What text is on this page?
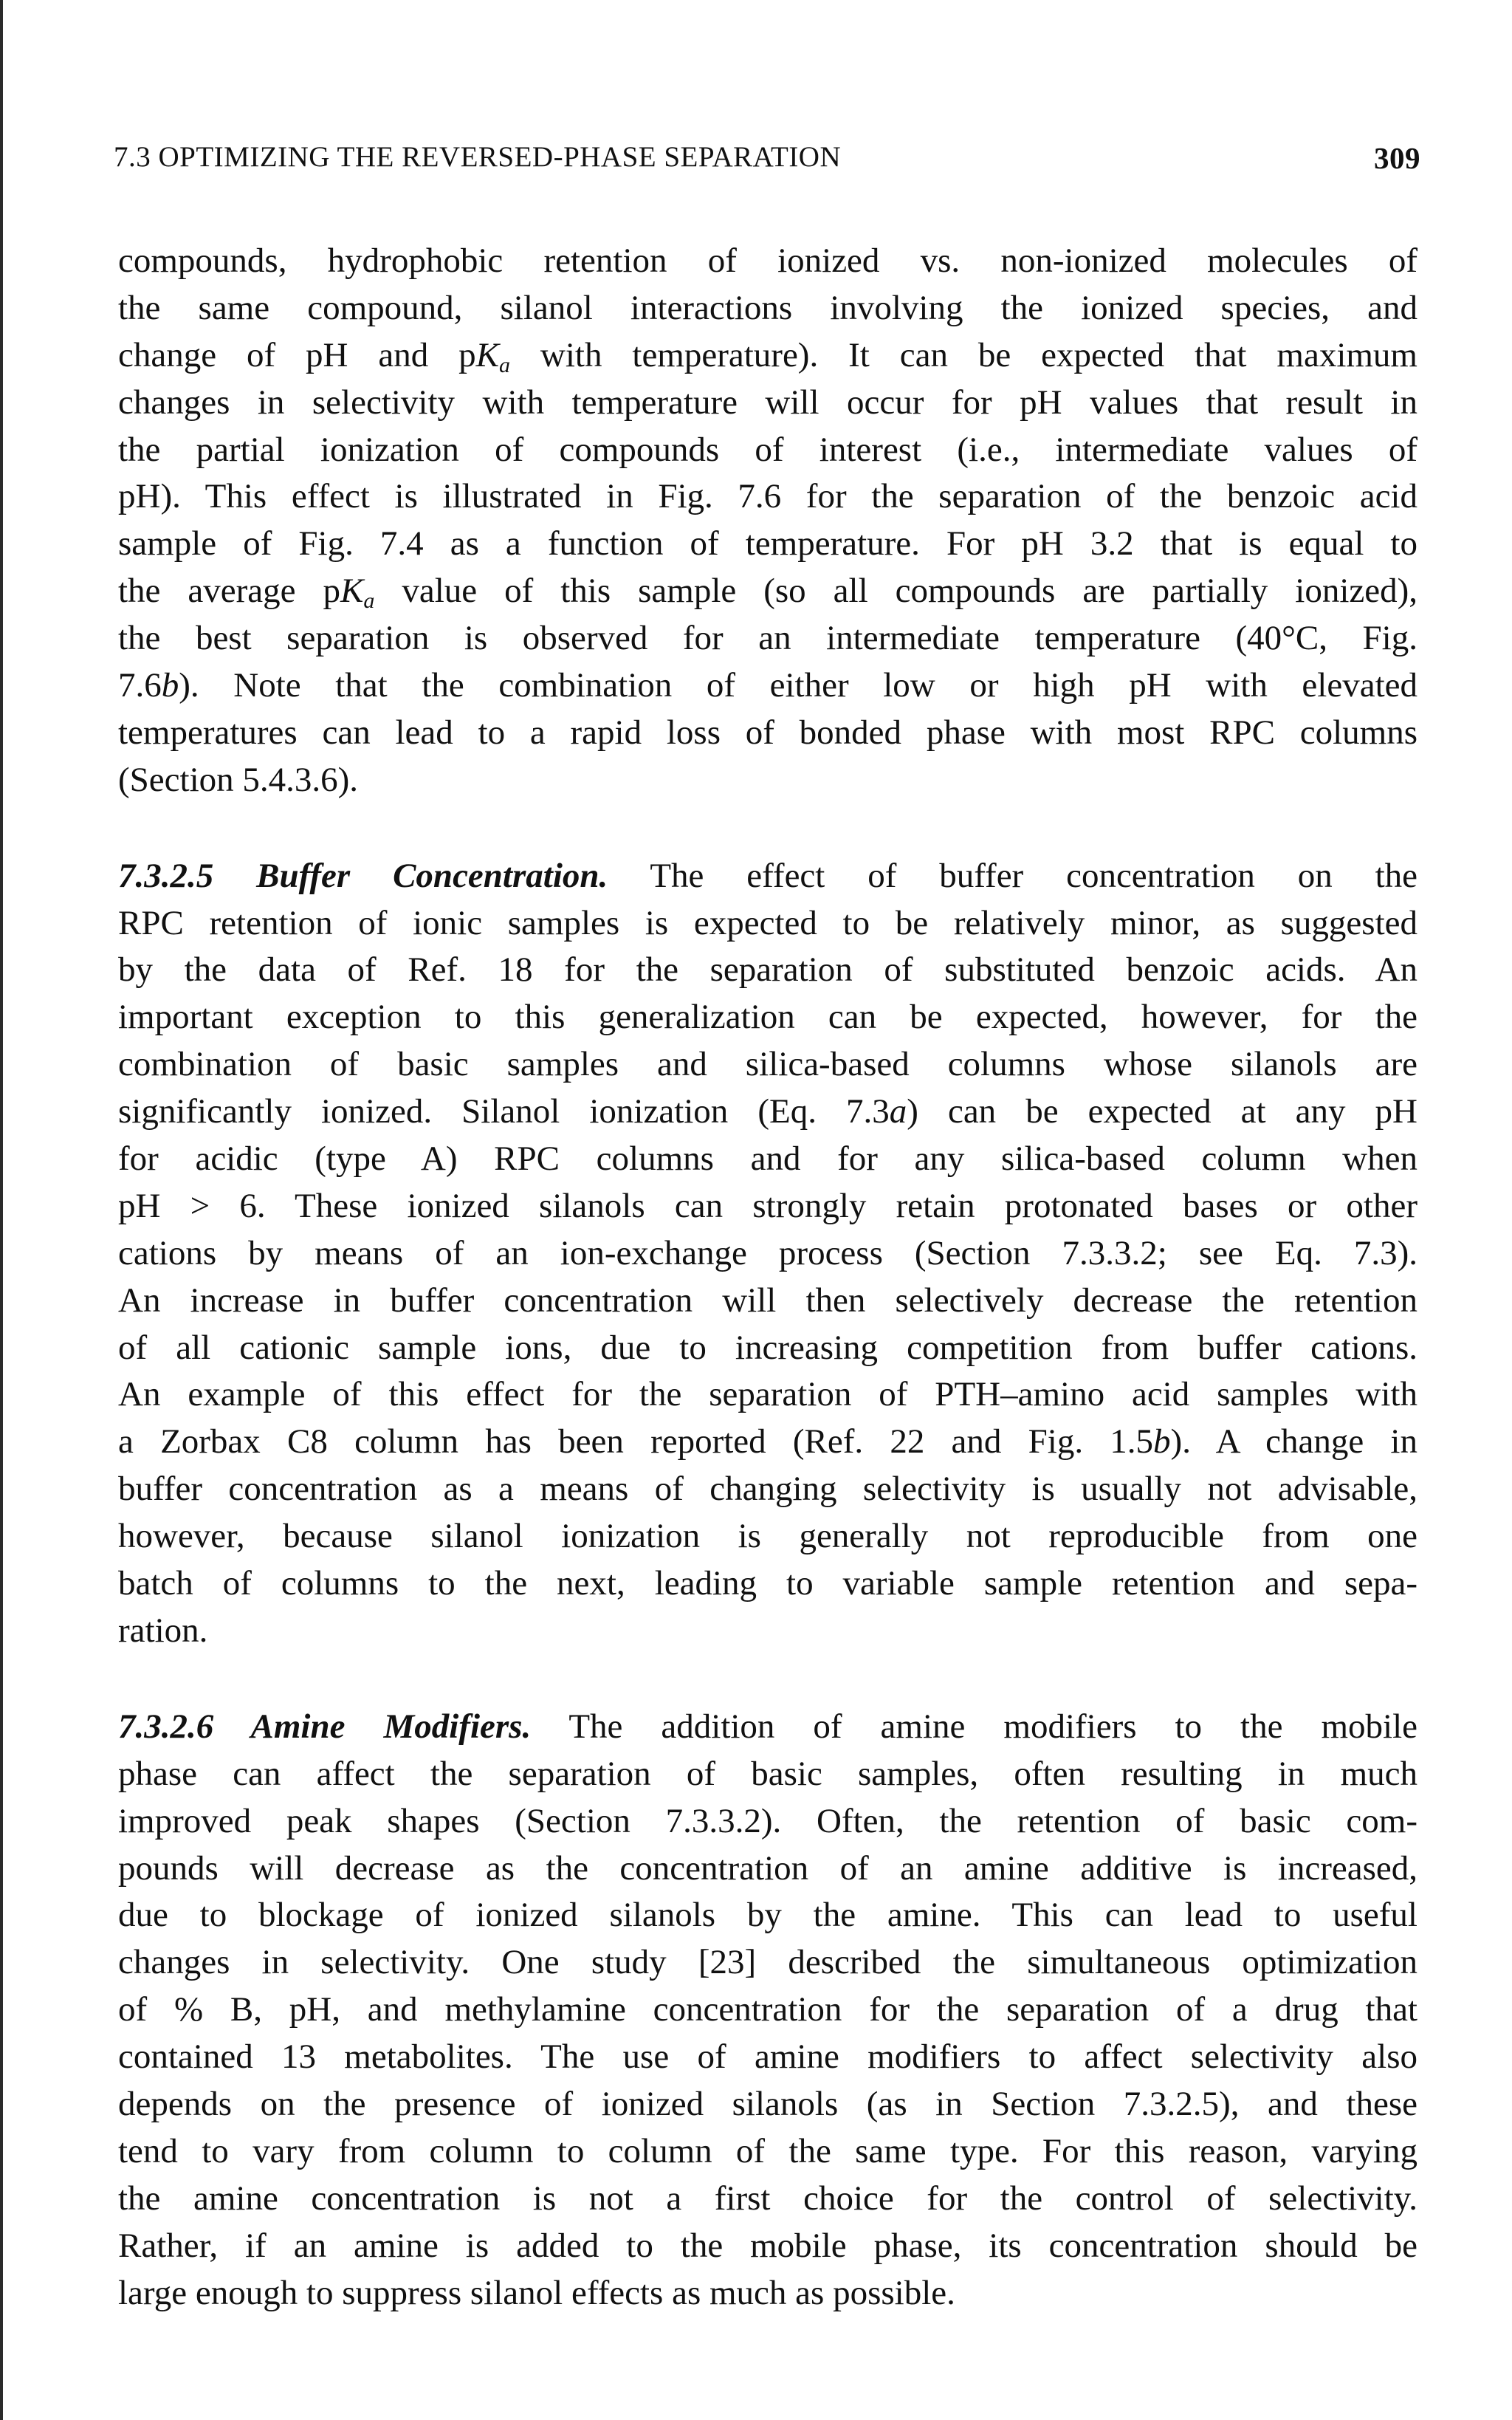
7.3 OPTIMIZING THE REVERSED-PHASE SEPARATION	309
compounds, hydrophobic retention of ionized vs. non-ionized molecules of
the same compound, silanol interactions involving the ionized species, and
change of pH and $pK_a$ with temperature). It can be expected that maximum
changes in selectivity with temperature will occur for pH values that result in
the partial ionization of compounds of interest (i.e., intermediate values of
pH). This effect is illustrated in Fig. 7.6 for the separation of the benzoic acid
sample of Fig. 7.4 as a function of temperature. For pH 3.2 that is equal to
the average $pK_a$ value of this sample (so all compounds are partially ionized),
the best separation is observed for an intermediate temperature (40°C, Fig.
7.6b). Note that the combination of either low or high pH with elevated
temperatures can lead to a rapid loss of bonded phase with most RPC columns
(Section 5.4.3.6).
7.3.2.5 Buffer Concentration. The effect of buffer concentration on the
RPC retention of ionic samples is expected to be relatively minor, as suggested
by the data of Ref. 18 for the separation of substituted benzoic acids. An
important exception to this generalization can be expected, however, for the
combination of basic samples and silica-based columns whose silanols are
significantly ionized. Silanol ionization (Eq. 7.3a) can be expected at any pH
for acidic (type A) RPC columns and for any silica-based column when
pH > 6. These ionized silanols can strongly retain protonated bases or other
cations by means of an ion-exchange process (Section 7.3.3.2; see Eq. 7.3).
An increase in buffer concentration will then selectively decrease the retention
of all cationic sample ions, due to increasing competition from buffer cations.
An example of this effect for the separation of PTH–amino acid samples with
a Zorbax C8 column has been reported (Ref. 22 and Fig. 1.5b). A change in
buffer concentration as a means of changing selectivity is usually not advisable,
however, because silanol ionization is generally not reproducible from one
batch of columns to the next, leading to variable sample retention and sepa-
ration.
7.3.2.6 Amine Modifiers. The addition of amine modifiers to the mobile
phase can affect the separation of basic samples, often resulting in much
improved peak shapes (Section 7.3.3.2). Often, the retention of basic com-
pounds will decrease as the concentration of an amine additive is increased,
due to blockage of ionized silanols by the amine. This can lead to useful
changes in selectivity. One study [23] described the simultaneous optimization
of % B, pH, and methylamine concentration for the separation of a drug that
contained 13 metabolites. The use of amine modifiers to affect selectivity also
depends on the presence of ionized silanols (as in Section 7.3.2.5), and these
tend to vary from column to column of the same type. For this reason, varying
the amine concentration is not a first choice for the control of selectivity.
Rather, if an amine is added to the mobile phase, its concentration should be
large enough to suppress silanol effects as much as possible.
